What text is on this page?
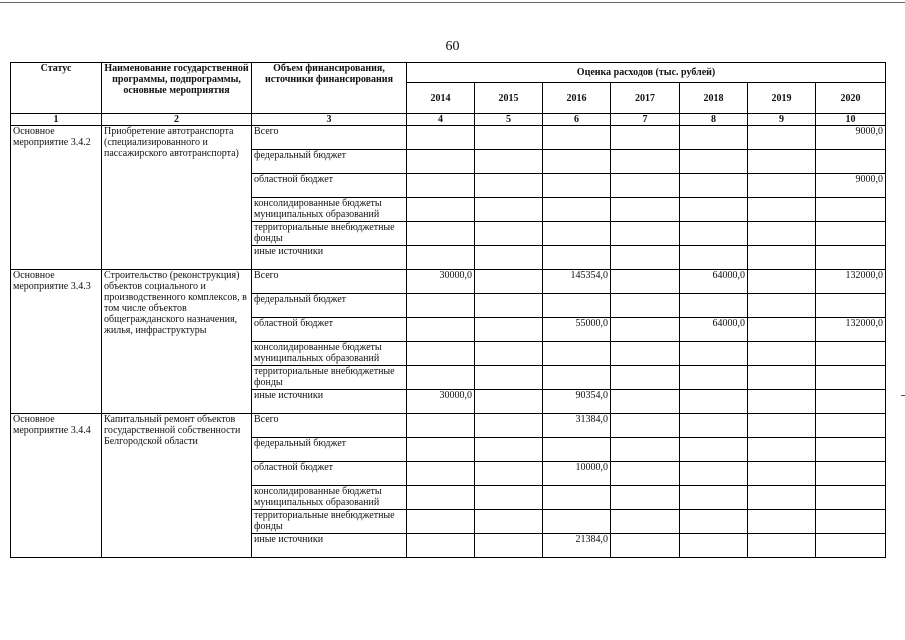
60
Статус	Наименование государственной программы, подпрограммы, основные мероприятия	Объем финансирования, источники финансирования	Оценка расходов (тыс. рублей)						
			2014	2015	2016	2017	2018	2019	2020
1	2	3	4	5	6	7	8	9	10
Основное мероприятие 3.4.2	Приобретение автотранспорта (специализированного и пассажирского автотранспорта)	Всего							9000,0
		федеральный бюджет							
		областной бюджет							9000,0
		консолидированные бюджеты муниципальных образований							
		территориальные внебюджетные фонды							
		иные источники							
Основное мероприятие 3.4.3	Строительство (реконструкция) объектов социального и производственного комплексов, в том числе объектов общегражданского назначения, жилья, инфраструктуры	Всего	30000,0		145354,0		64000,0		132000,0
		федеральный бюджет							
		областной бюджет			55000,0		64000,0		132000,0
		консолидированные бюджеты муниципальных образований							
		территориальные внебюджетные фонды							
		иные источники	30000,0		90354,0				
Основное мероприятие 3.4.4	Капитальный ремонт объектов государственной собственности Белгородской области	Всего			31384,0				
		федеральный бюджет							
		областной бюджет			10000,0				
		консолидированные бюджеты муниципальных образований							
		территориальные внебюджетные фонды							
		иные источники			21384,0				
